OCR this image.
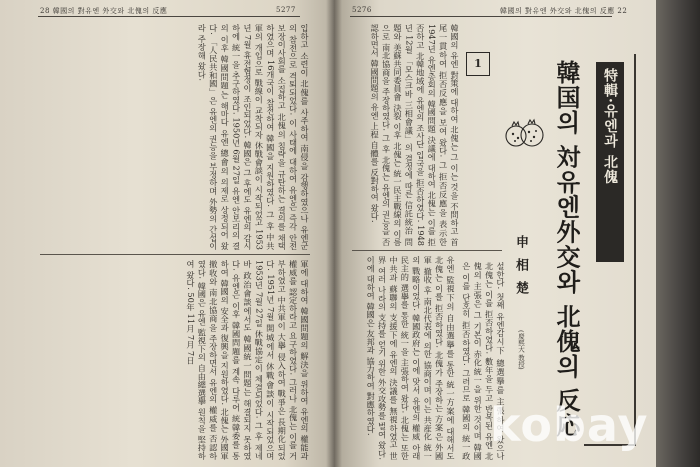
28 韓國의 對유엔 外交와 北傀의 反應	5277
입하고 소련이 北傀를 사주하여 南侵을 감행하였으나 유엔군의 참전으로 격퇴되었다. 이 사태에 대하여 유엔은 즉각 안전보장이사회를 소집하고 北傀의 침략을 규탄하는 결의를 채택하였으며 16개국이 참전하여 韓國을 지원하였다. 그 후 中共軍의 개입으로 戰線이 교착되자 休戰會談이 시작되었고 1953년 7월 휴전협정이 조인되었다. 韓國은 그 후에도 유엔의 감시하에 統一을 추구하였다. 1950년 6월 27일 유엔 안보리의 결의 이후 韓國問題는 해마다 유엔 總會의 의제로 상정되어 왔다. 「人民共和國」은 유엔의 권능을 부정하며 外勢의 간섭이라 주장해 왔다.
軍에 대하여 韓國問題의 解決을 위하여 유엔의 權能과 權威를 認定하라고 요구하였다. 그러나 北傀는 이를 거부하였고 中共軍이 大擧 侵入하여 戰爭은 長期化되었다. 1951년 7월 開城에서 休戰會談이 시작되었으며 1953년 7월 27일 休戰協定이 체결되었다. 그 후 제네바 政治會談에서도 韓國統一問題는 해결되지 못하였다. 유엔은 이후 韓國問題를 계속 다루어 統韓委를 통하여 韓國의 安全과 復興을 지원하였다. 北傀는 外國軍 撤收와 南北協商을 주장하면서 유엔의 權威를 否認하였다. 韓國은 유엔 監視下의 自由總選擧 원칙을 堅持하여 왔다. 50年 11月 7月 7日
5276	韓國의 對유엔 外交와 北傀의 反應 22
韓國의 유엔 對策에 대하여 北傀는 그 이는 것을 不問하고 首尾一貫하여 拒否反應을 보여 왔다. 그 拒否反應을 表示한 1947년 유엔총회의 韓國問題 決議에 대하여 北傀는 이를 拒否하고 北韓地域에 유엔의 조사단 입국을 拒否하였다. 1948년 12월 「모스크바 三相會議」의 결정에 따른 信託統治 問題와 美蘇共同委員會 決裂 이후 北傀는 統一民主戰線의 이름으로 南北協商을 주장하였다. 그 후 北傀는 유엔의 권능을 否認하면서 韓國問題의 유엔 上程 自體를 反對하여 왔다.	1
유엔 監視下의 自由選擧를 통한 統一方案에 대해서도 北傀는 이를 拒否하였다. 北傀가 주장하는 方案은 外國軍 撤收 후 南北代表에 의한 協商이며 이는 共産化 統一의 戰略이었다. 韓國政府는 이에 맞서 유엔의 權威 아래 民主的 選擧를 통한 統一을 主張하여 왔다. 北傀는 또한 中共과 蘇聯의 支援下에 유엔의 決議를 無視하였고 世界 여러 나라의 支持를 얻기 위한 外交攻勢를 벌여 왔다. 이에 대하여 韓國은 友邦과 協力하여 對應하였다.	설한다. 첫째 유엔감시下 總選擧를 主張하여 왔으나 北傀는 이를 拒否하였다. 數年을 두고 반복된 유엔 北傀의 主張은 그 기본이 赤化統一을 위한 것이며 韓國은 이를 단호히 拒否하였다. 그러므로 韓國의 統一政
特輯·유엔과 北傀
韓国의 対유엔外交와 北傀의 反応
申相楚
(慶熙大 教授)
kobay
